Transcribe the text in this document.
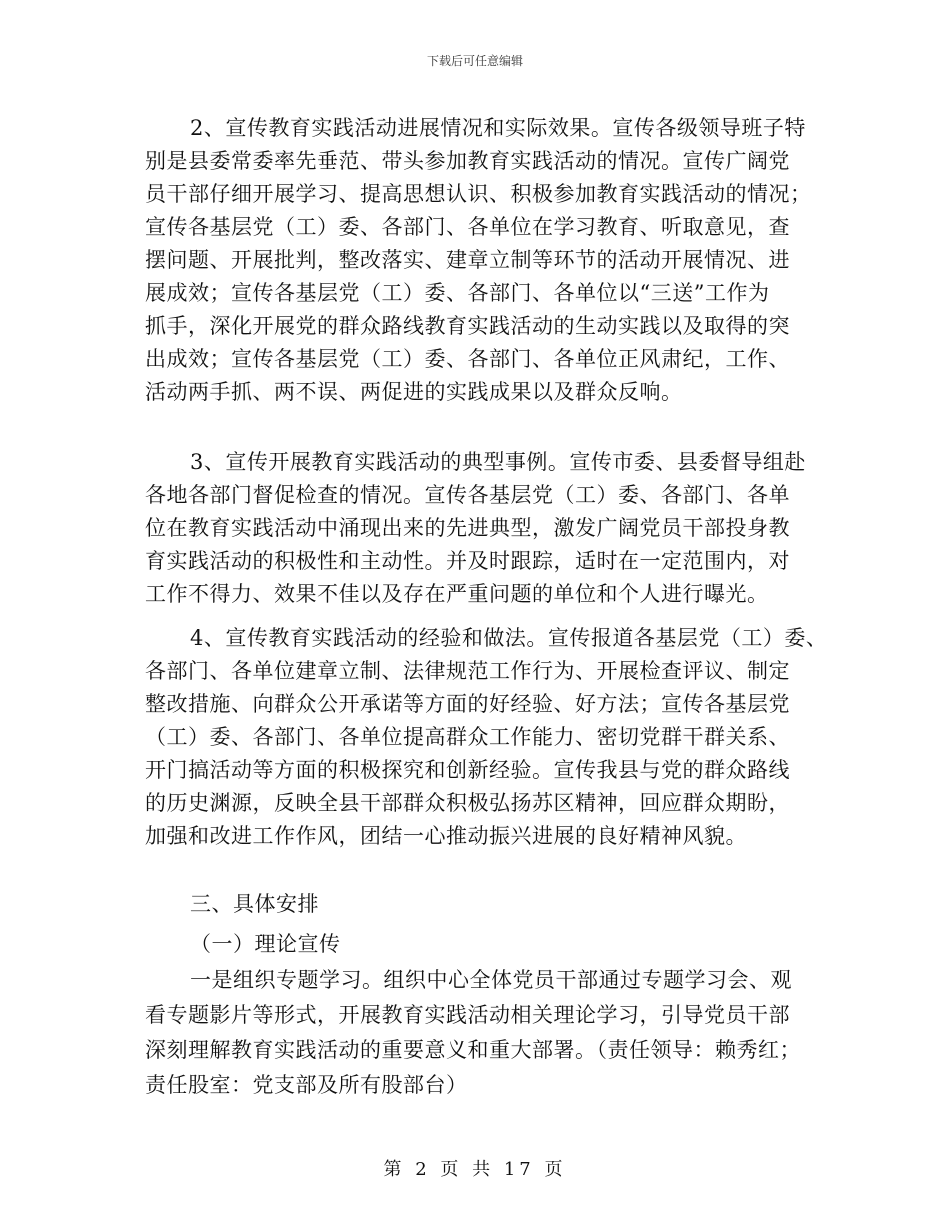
下载后可任意编辑
2、宣传教育实践活动进展情况和实际效果。宣传各级领导班子特
别是县委常委率先垂范、带头参加教育实践活动的情况。宣传广阔党
员干部仔细开展学习、提高思想认识、积极参加教育实践活动的情况；
宣传各基层党（工）委、各部门、各单位在学习教育、听取意见，查
摆问题、开展批判，整改落实、建章立制等环节的活动开展情况、进
展成效；宣传各基层党（工）委、各部门、各单位以“三送”工作为
抓手，深化开展党的群众路线教育实践活动的生动实践以及取得的突
出成效；宣传各基层党（工）委、各部门、各单位正风肃纪，工作、
活动两手抓、两不误、两促进的实践成果以及群众反响。
3、宣传开展教育实践活动的典型事例。宣传市委、县委督导组赴
各地各部门督促检查的情况。宣传各基层党（工）委、各部门、各单
位在教育实践活动中涌现出来的先进典型，激发广阔党员干部投身教
育实践活动的积极性和主动性。并及时跟踪，适时在一定范围内，对
工作不得力、效果不佳以及存在严重问题的单位和个人进行曝光。
4、宣传教育实践活动的经验和做法。宣传报道各基层党（工）委、
各部门、各单位建章立制、法律规范工作行为、开展检查评议、制定
整改措施、向群众公开承诺等方面的好经验、好方法；宣传各基层党
（工）委、各部门、各单位提高群众工作能力、密切党群干群关系、
开门搞活动等方面的积极探究和创新经验。宣传我县与党的群众路线
的历史渊源，反映全县干部群众积极弘扬苏区精神，回应群众期盼，
加强和改进工作作风，团结一心推动振兴进展的良好精神风貌。
三、具体安排
（一）理论宣传
一是组织专题学习。组织中心全体党员干部通过专题学习会、观
看专题影片等形式，开展教育实践活动相关理论学习，引导党员干部
深刻理解教育实践活动的重要意义和重大部署。（责任领导：赖秀红；
责任股室：党支部及所有股部台）
第 2 页 共 17 页
